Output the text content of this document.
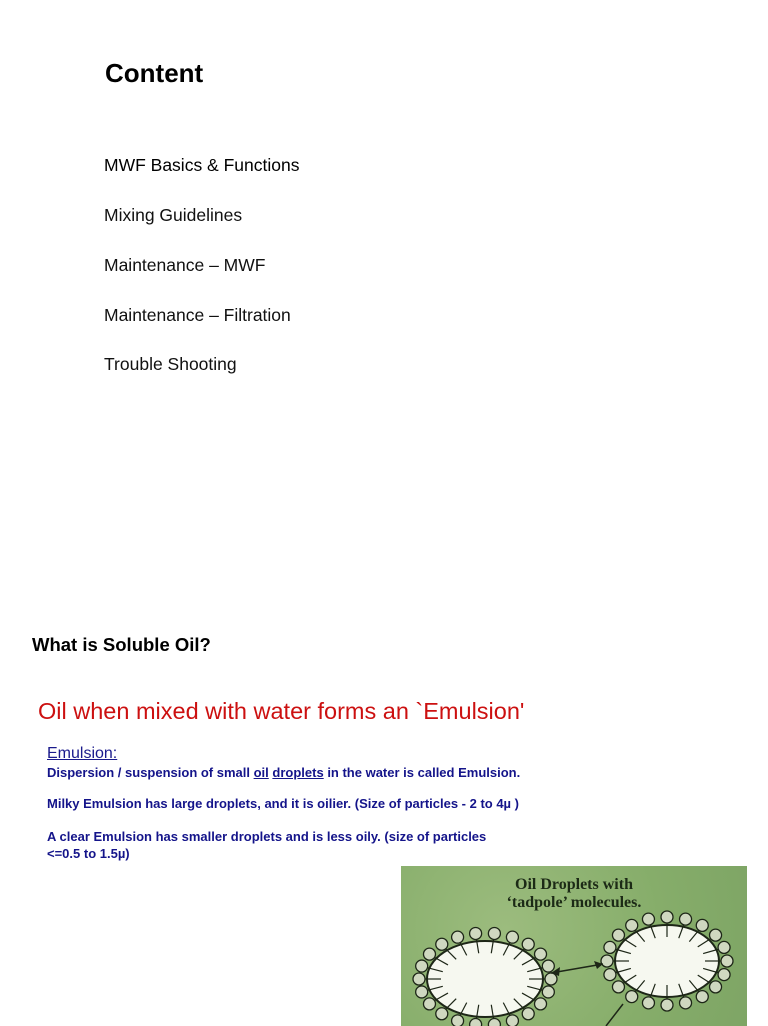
Content
MWF Basics & Functions
Mixing Guidelines
Maintenance – MWF
Maintenance – Filtration
Trouble Shooting
What is Soluble Oil?
Oil when mixed with water forms an `Emulsion'
Emulsion:
Dispersion / suspension of small oil droplets in the water is called Emulsion.
Milky Emulsion has large droplets, and it is oilier. (Size of particles - 2 to 4µ )
A clear Emulsion has smaller droplets and is less oily. (size of particles
<=0.5 to 1.5µ)
Oil Droplets with
‘tadpole’ molecules.
